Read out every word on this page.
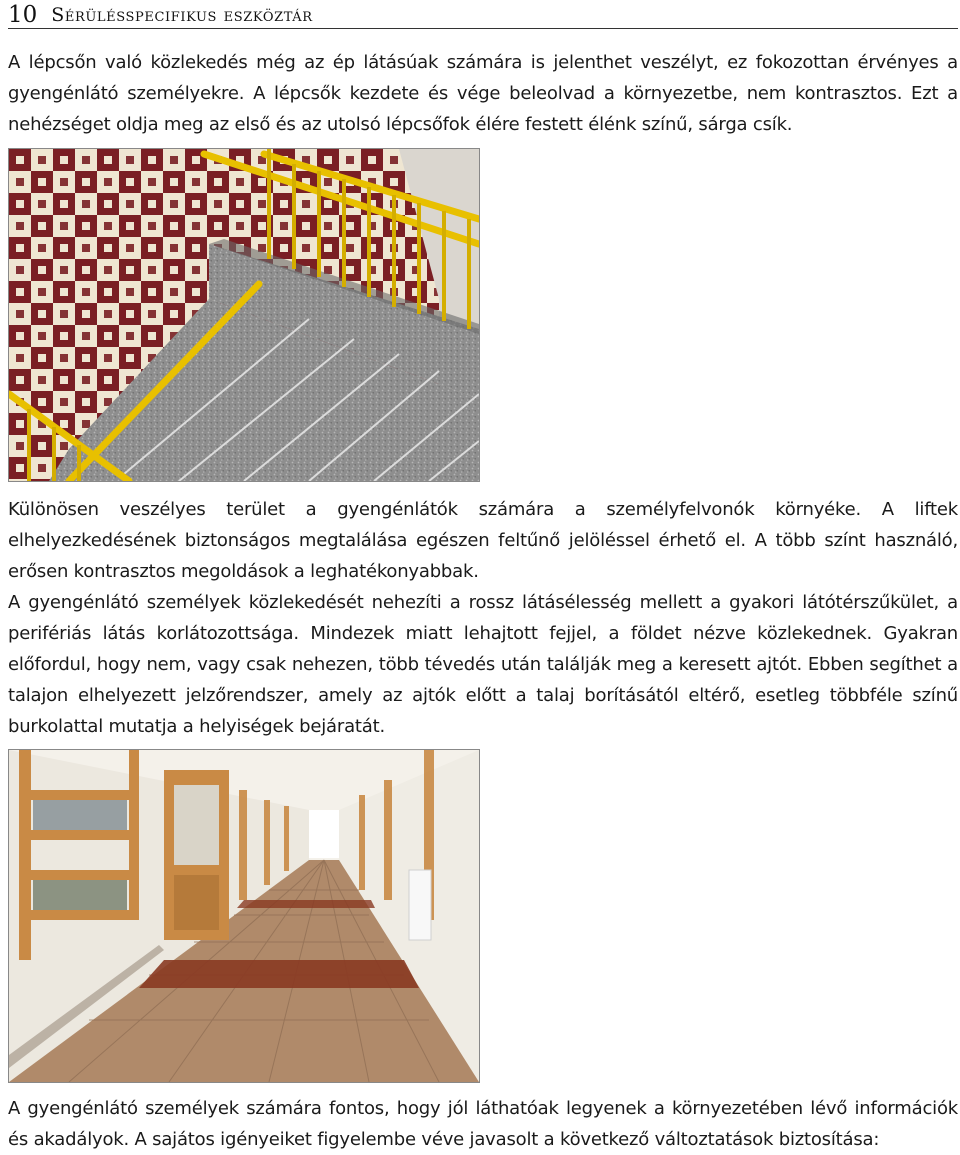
10 Sérülésspecifikus eszköztár

A lépcsőn való közlekedés még az ép látásúak számára is jelenthet veszélyt, ez fokozottan érvényes a gyengénlátó személyekre. A lépcsők kezdete és vége beleolvad a környezetbe, nem kontrasztos. Ezt a nehézséget oldja meg az első és az utolsó lépcsőfok élére festett élénk színű, sárga csík.

Különösen veszélyes terület a gyengénlátók számára a személyfelvonók környéke. A liftek elhelyezkedésének biztonságos megtalálása egészen feltűnő jelöléssel érhető el. A több színt használó, erősen kontrasztos megoldások a leghatékonyabbak.

A gyengénlátó személyek közlekedését nehezíti a rossz látásélesség mellett a gyakori látótérszűkület, a perifériás látás korlátozottsága. Mindezek miatt lehajtott fejjel, a földet nézve közlekednek. Gyakran előfordul, hogy nem, vagy csak nehezen, több tévedés után találják meg a keresett ajtót. Ebben segíthet a talajon elhelyezett jelzőrendszer, amely az ajtók előtt a talaj borításától eltérő, esetleg többféle színű burkolattal mutatja a helyiségek bejáratát.

A gyengénlátó személyek számára fontos, hogy jól láthatóak legyenek a környezetében lévő információk és akadályok. A sajátos igényeiket figyelembe véve javasolt a következő változtatások biztosítása:
